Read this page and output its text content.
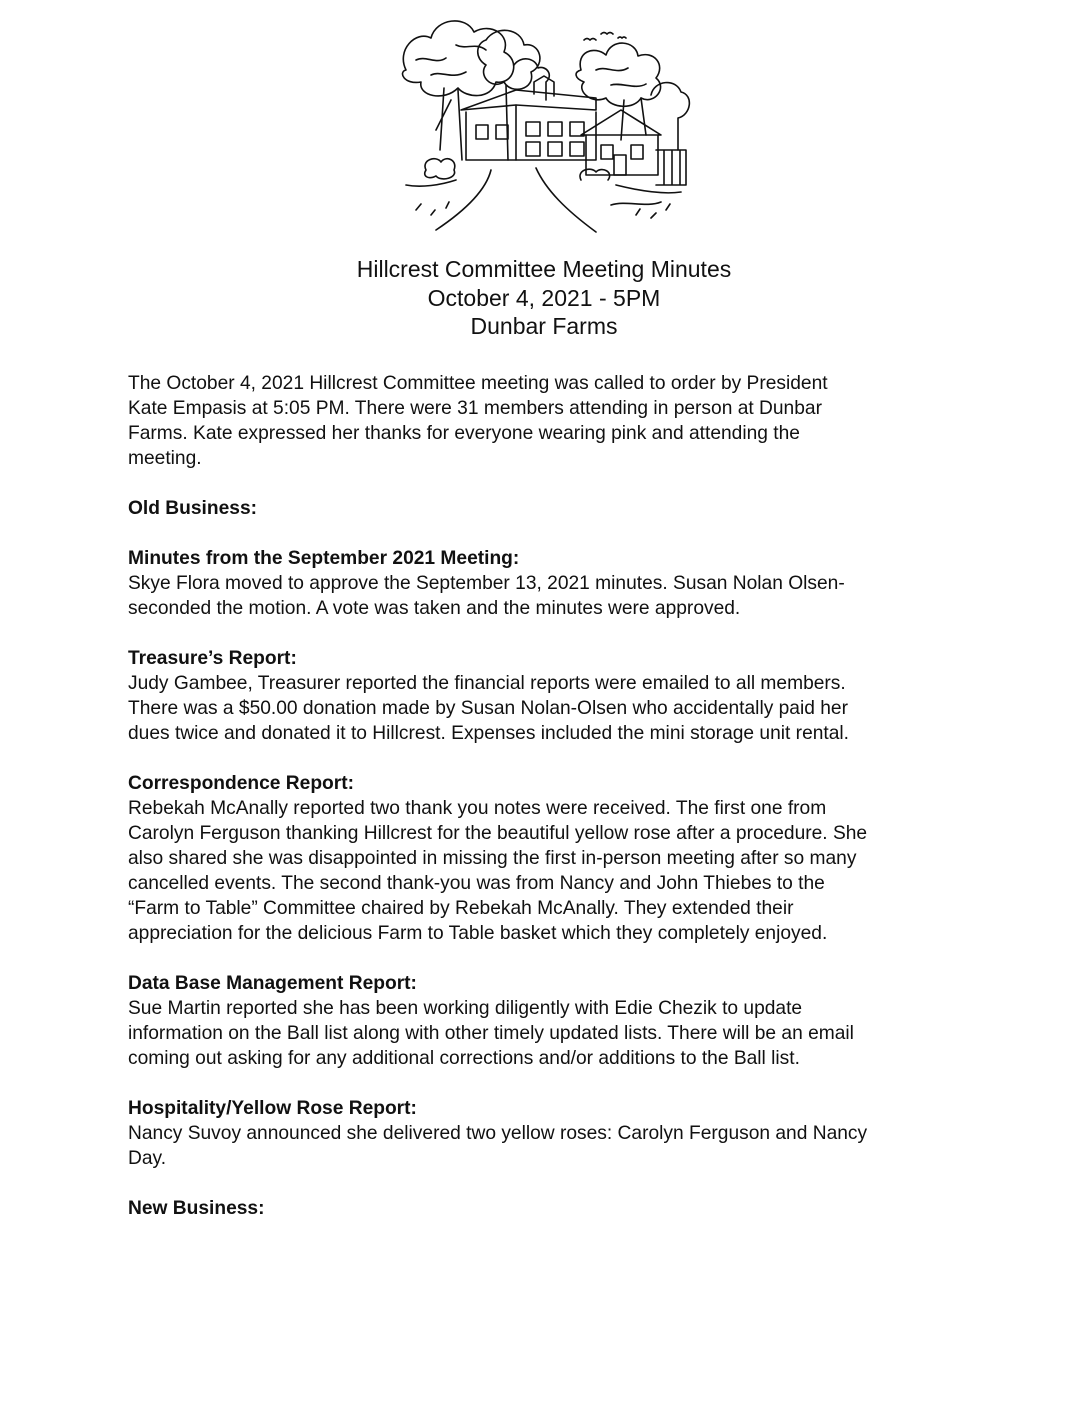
Hillcrest Committee Meeting Minutes
October 4, 2021 - 5PM
Dunbar Farms
The October 4, 2021 Hillcrest Committee meeting was called to order by President
Kate Empasis at 5:05 PM. There were 31 members attending in person at Dunbar
Farms. Kate expressed her thanks for everyone wearing pink and attending the
meeting.
Old Business:
Minutes from the September 2021 Meeting:
Skye Flora moved to approve the September 13, 2021 minutes. Susan Nolan Olsen-
seconded the motion. A vote was taken and the minutes were approved.
Treasure’s Report:
Judy Gambee, Treasurer reported the financial reports were emailed to all members.
There was a $50.00 donation made by Susan Nolan-Olsen who accidentally paid her
dues twice and donated it to Hillcrest. Expenses included the mini storage unit rental.
Correspondence Report:
Rebekah McAnally reported two thank you notes were received. The first one from
Carolyn Ferguson thanking Hillcrest for the beautiful yellow rose after a procedure. She
also shared she was disappointed in missing the first in-person meeting after so many
cancelled events. The second thank-you was from Nancy and John Thiebes to the
“Farm to Table” Committee chaired by Rebekah McAnally. They extended their
appreciation for the delicious Farm to Table basket which they completely enjoyed.
Data Base Management Report:
Sue Martin reported she has been working diligently with Edie Chezik to update
information on the Ball list along with other timely updated lists. There will be an email
coming out asking for any additional corrections and/or additions to the Ball list.
Hospitality/Yellow Rose Report:
Nancy Suvoy announced she delivered two yellow roses: Carolyn Ferguson and Nancy
Day.
New Business:
